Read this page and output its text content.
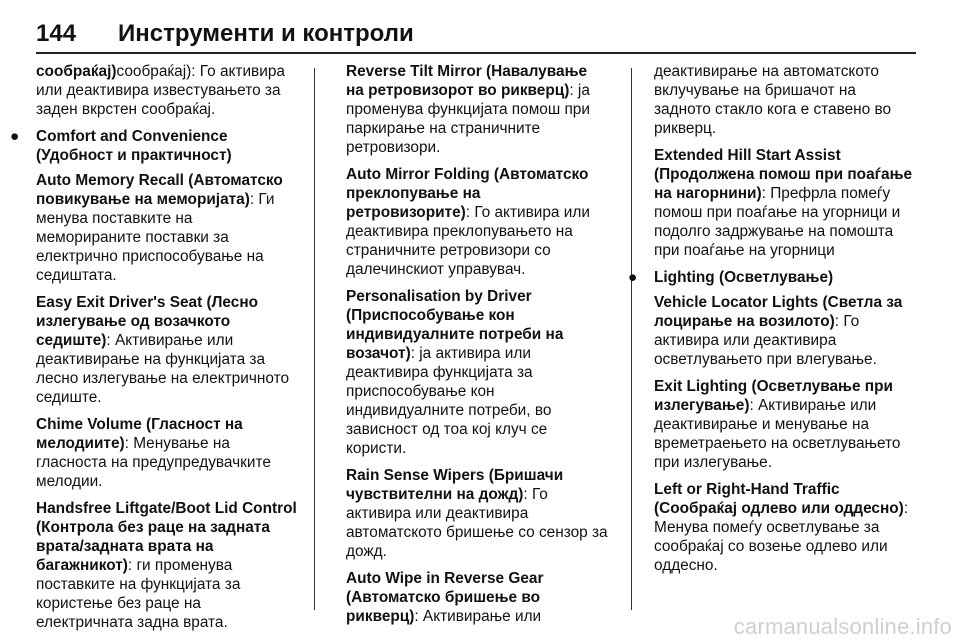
144 Инструменти и контроли

сообраќај)сообраќај): Го активира или деактивира известувањето за заден вкрстен сообраќај.

● Comfort and Convenience (Удобност и практичност)

Auto Memory Recall (Автоматско повикување на меморијата): Ги менува поставките на меморираните поставки за електрично приспособување на седиштата.

Easy Exit Driver's Seat (Лесно излегување од возачкото седиште): Активирање или деактивирање на функцијата за лесно излегување на електричното седиште.

Chime Volume (Гласност на мелодиите): Менување на гласноста на предупредувачките мелодии.

Handsfree Liftgate/Boot Lid Control (Контрола без раце на задната врата/задната врата на багажникот): ги променува поставките на функцијата за користење без раце на електричната задна врата.

Reverse Tilt Mirror (Навалување на ретровизорот во рикверц): ја променува функцијата помош при паркирање на страничните ретровизори.

Auto Mirror Folding (Автоматско преклопување на ретровизорите): Го активира или деактивира преклопувањето на страничните ретровизори со далечинскиот управувач.

Personalisation by Driver (Приспособување кон индивидуалните потреби на возачот): ја активира или деактивира функцијата за приспособување кон индивидуалните потреби, во зависност од тоа кој клуч се користи.

Rain Sense Wipers (Бришачи чувствителни на дожд): Го активира или деактивира автоматското бришење со сензор за дожд.

Auto Wipe in Reverse Gear (Автоматско бришење во рикверц): Активирање или

деактивирање на автоматското вклучување на бришачот на задното стакло кога е ставено во рикверц.

Extended Hill Start Assist (Продолжена помош при поаѓање на нагорнини): Префрла помеѓу помош при поаѓање на угорници и подолго задржување на помошта при поаѓање на угорници

● Lighting (Осветлување)

Vehicle Locator Lights (Светла за лоцирање на возилото): Го активира или деактивира осветлувањето при влегување.

Exit Lighting (Осветлување при излегување): Активирање или деактивирање и менување на времетраењето на осветлувањето при излегување.

Left or Right-Hand Traffic (Сообраќај одлево или оддесно): Менува помеѓу осветлување за сообраќај со возење одлево или оддесно.

carmanualsonline.info
